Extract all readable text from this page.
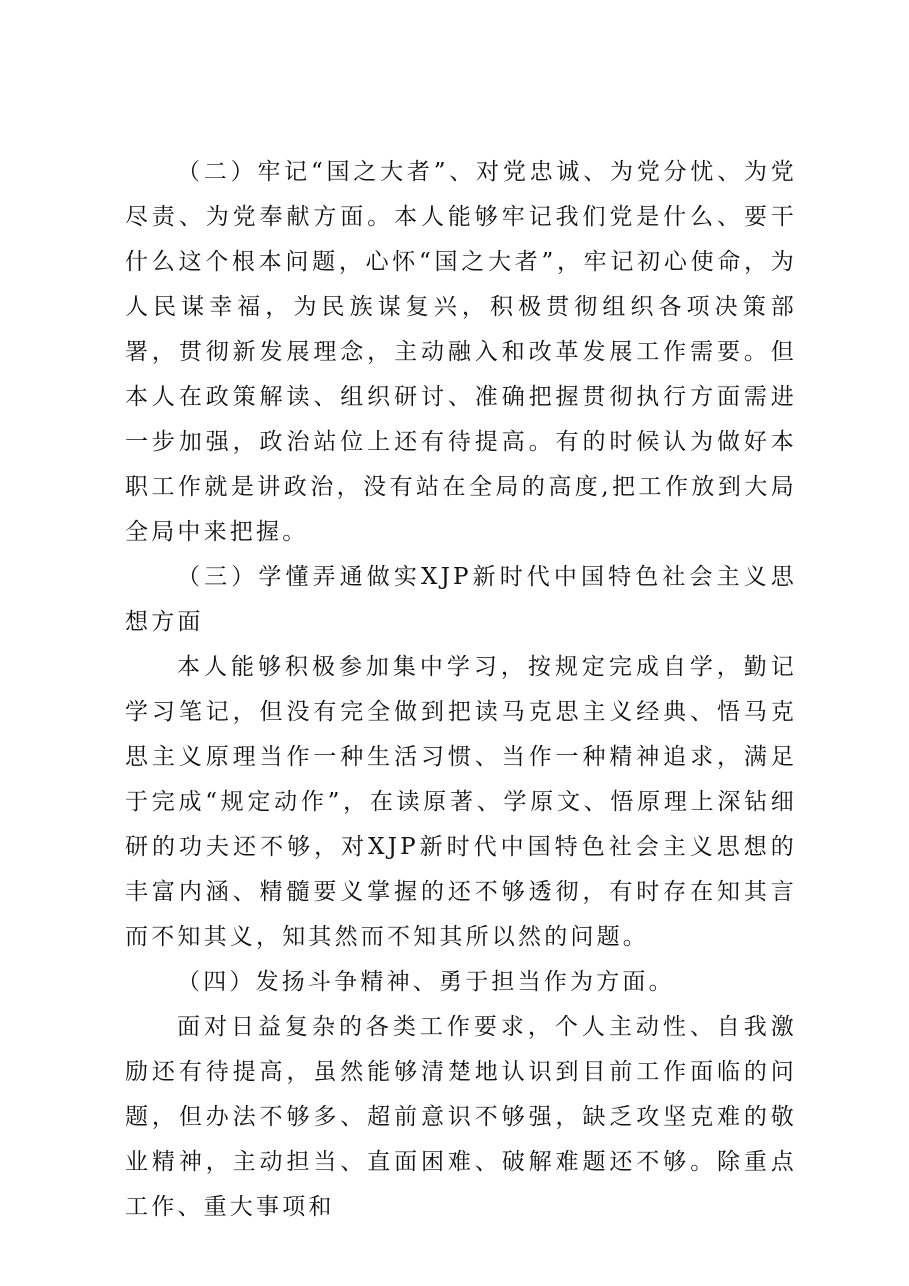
（二）牢记“国之大者”、对党忠诚、为党分忧、为党尽责、为党奉献方面。本人能够牢记我们党是什么、要干什么这个根本问题，心怀“国之大者”，牢记初心使命，为人民谋幸福，为民族谋复兴，积极贯彻组织各项决策部署，贯彻新发展理念，主动融入和改革发展工作需要。但本人在政策解读、组织研讨、准确把握贯彻执行方面需进一步加强，政治站位上还有待提高。有的时候认为做好本职工作就是讲政治，没有站在全局的高度,把工作放到大局全局中来把握。

（三）学懂弄通做实XJP新时代中国特色社会主义思想方面

本人能够积极参加集中学习，按规定完成自学，勤记学习笔记，但没有完全做到把读马克思主义经典、悟马克思主义原理当作一种生活习惯、当作一种精神追求，满足于完成“规定动作”，在读原著、学原文、悟原理上深钻细研的功夫还不够，对XJP新时代中国特色社会主义思想的丰富内涵、精髓要义掌握的还不够透彻，有时存在知其言而不知其义，知其然而不知其所以然的问题。

（四）发扬斗争精神、勇于担当作为方面。

面对日益复杂的各类工作要求，个人主动性、自我激励还有待提高，虽然能够清楚地认识到目前工作面临的问题，但办法不够多、超前意识不够强，缺乏攻坚克难的敬业精神，主动担当、直面困难、破解难题还不够。除重点工作、重大事项和
